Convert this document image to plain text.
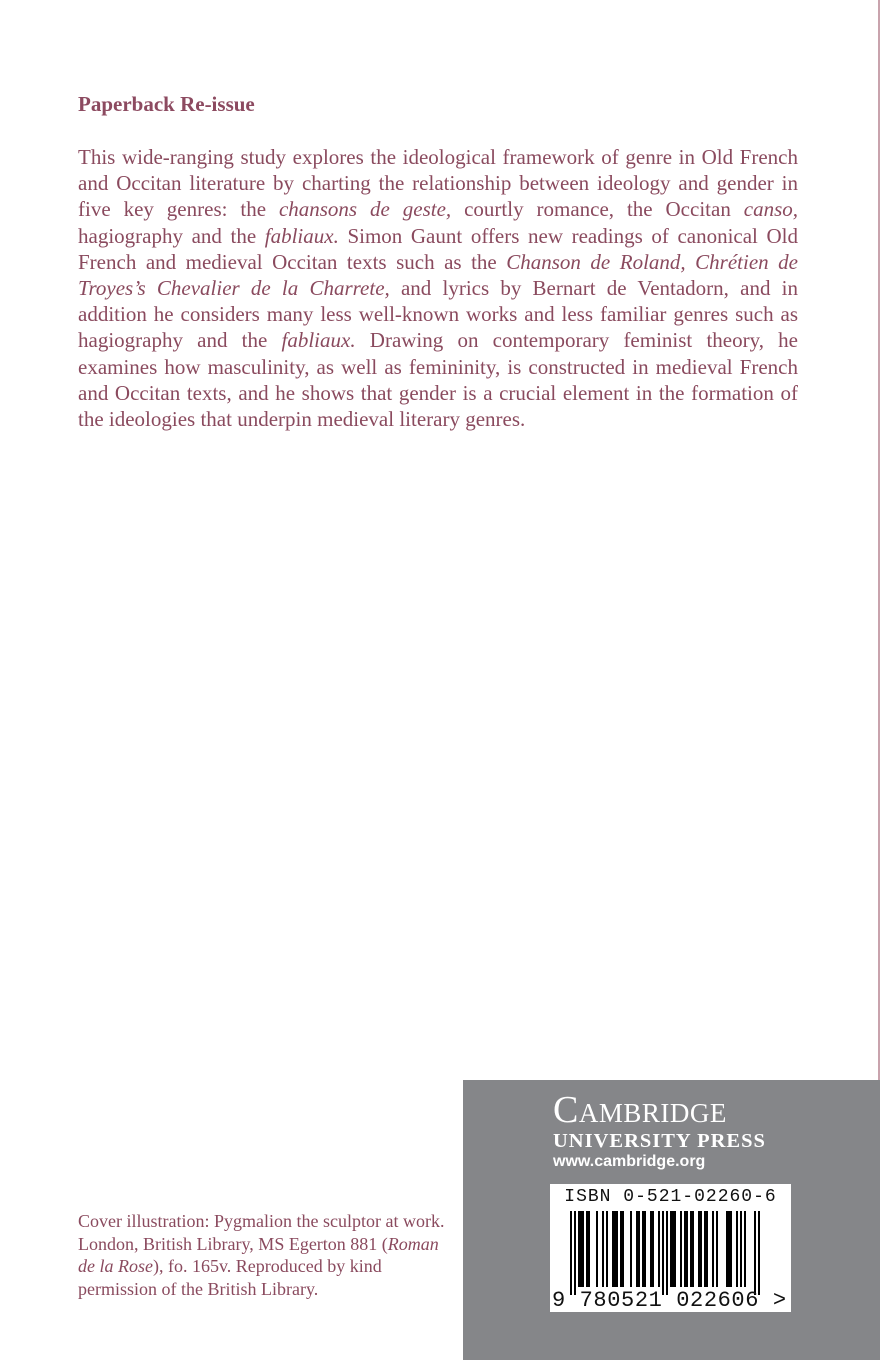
Paperback Re-issue

This wide-ranging study explores the ideological framework of genre in Old French and Occitan literature by charting the relationship between ideology and gender in five key genres: the chansons de geste, courtly romance, the Occitan canso, hagiography and the fabliaux. Simon Gaunt offers new readings of canonical Old French and medieval Occitan texts such as the Chanson de Roland, Chrétien de Troyes’s Chevalier de la Charrete, and lyrics by Bernart de Ventadorn, and in addition he considers many less well-known works and less familiar genres such as hagiography and the fabliaux. Drawing on contemporary feminist theory, he examines how masculinity, as well as femininity, is constructed in medieval French and Occitan texts, and he shows that gender is a crucial element in the formation of the ideologies that underpin medieval literary genres.

Cover illustration: Pygmalion the sculptor at work. London, British Library, MS Egerton 881 (Roman de la Rose), fo. 165v. Reproduced by kind permission of the British Library.

Cambridge

UNIVERSITY PRESS

www.cambridge.org

ISBN 0-521-02260-6

9 780521 022606 >
